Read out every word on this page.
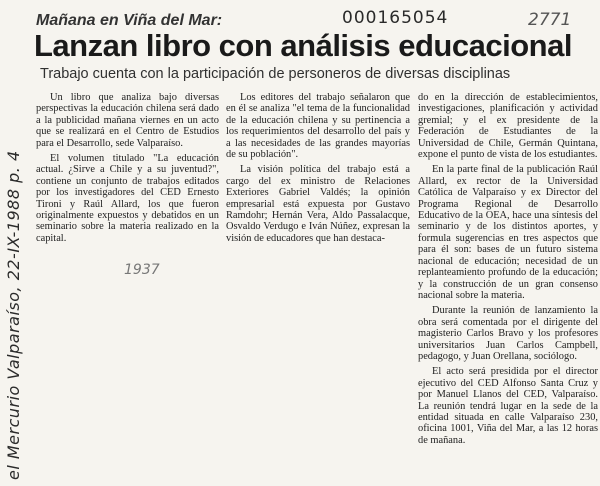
el Mercurio Valparaíso, 22-IX-1988 p. 4
Mañana en Viña del Mar:	000165054	2771
Lanzan libro con análisis educacional
Trabajo cuenta con la participación de personeros de diversas disciplinas

Un libro que analiza bajo diversas perspectivas la educación chilena será dado a la publicidad mañana viernes en un acto que se realizará en el Centro de Estudios para el Desarrollo, sede Valparaíso.

El volumen titulado "La educación actual. ¿Sirve a Chile y a su juventud?", contiene un conjunto de trabajos editados por los investigadores del CED Ernesto Tironi y Raúl Allard, los que fueron originalmente expuestos y debatidos en un seminario sobre la materia realizado en la capital.

1937

Los editores del trabajo señalaron que en él se analiza "el tema de la funcionalidad de la educación chilena y su pertinencia a los requerimientos del desarrollo del país y a las necesidades de las grandes mayorías de su población".

La visión política del trabajo está a cargo del ex ministro de Relaciones Exteriores Gabriel Valdés; la opinión empresarial está expuesta por Gustavo Ramdohr; Hernán Vera, Aldo Passalacque, Osvaldo Verdugo e Iván Núñez, expresan la visión de educadores que han destaca-

do en la dirección de establecimientos, investigaciones, planificación y actividad gremial; y el ex presidente de la Federación de Estudiantes de la Universidad de Chile, Germán Quintana, expone el punto de vista de los estudiantes.

En la parte final de la publicación Raúl Allard, ex rector de la Universidad Católica de Valparaíso y ex Director del Programa Regional de Desarrollo Educativo de la OEA, hace una síntesis del seminario y de los distintos aportes, y formula sugerencias en tres aspectos que para él son: bases de un futuro sistema nacional de educación; necesidad de un replanteamiento profundo de la educación; y la construcción de un gran consenso nacional sobre la materia.

Durante la reunión de lanzamiento la obra será comentada por el dirigente del magisterio Carlos Bravo y los profesores universitarios Juan Carlos Campbell, pedagogo, y Juan Orellana, sociólogo.

El acto será presidida por el director ejecutivo del CED Alfonso Santa Cruz y por Manuel Llanos del CED, Valparaíso. La reunión tendrá lugar en la sede de la entidad situada en calle Valparaíso 230, oficina 1001, Viña del Mar, a las 12 horas de mañana.
